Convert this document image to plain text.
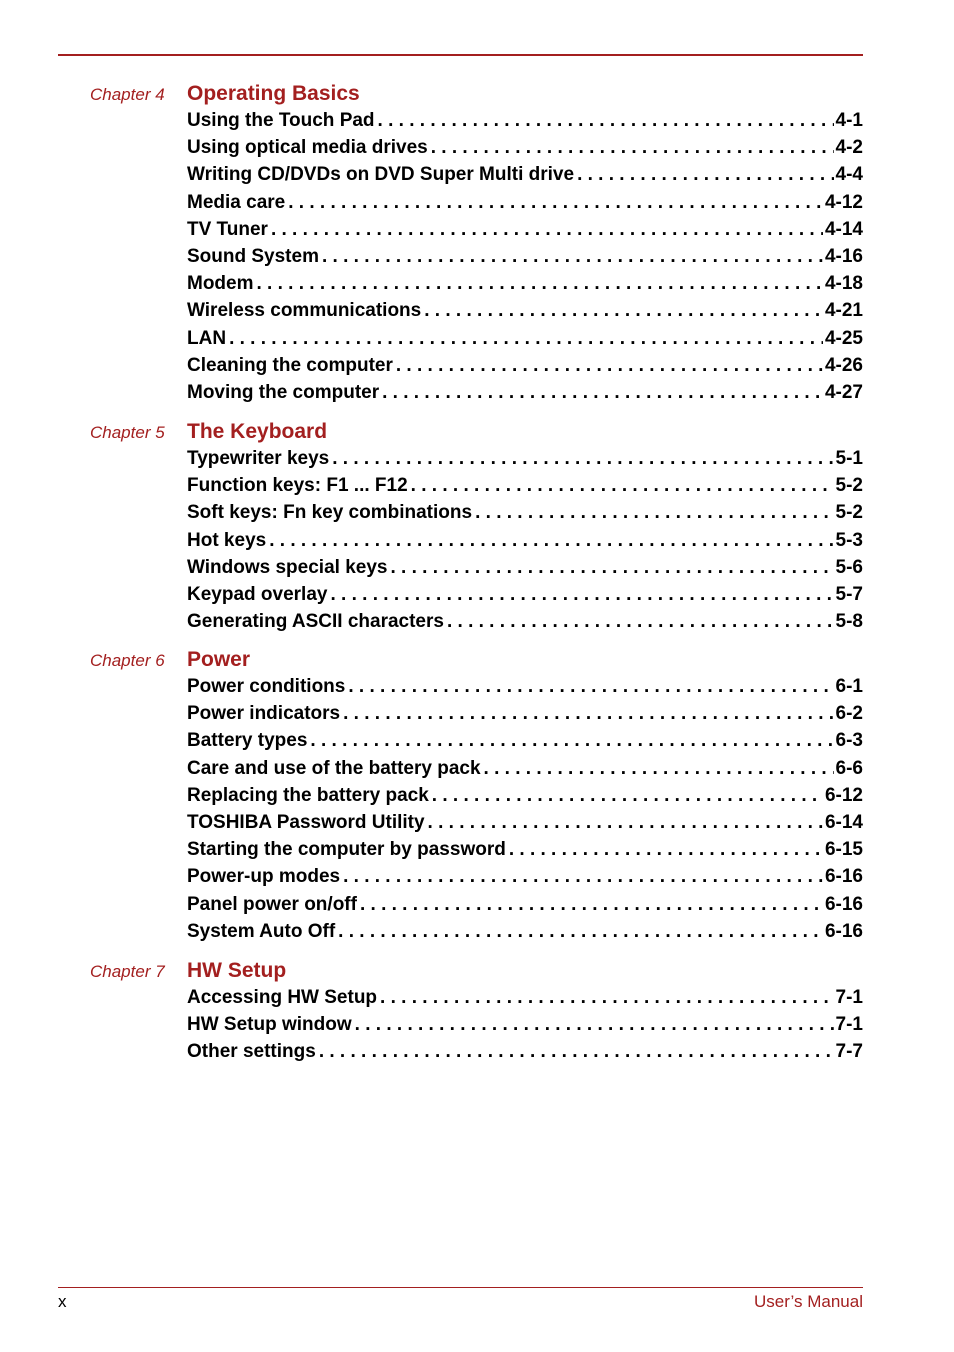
Chapter 4 Operating Basics
Using the Touch Pad . . .	4-1
Using optical media drives . . .	4-2
Writing CD/DVDs on DVD Super Multi drive . . .	4-4
Media care . . .	4-12
TV Tuner . . .	4-14
Sound System . . .	4-16
Modem . . .	4-18
Wireless communications . . .	4-21
LAN . . .	4-25
Cleaning the computer . . .	4-26
Moving the computer . . .	4-27
Chapter 5 The Keyboard
Typewriter keys . . .	5-1
Function keys: F1 ... F12 . . .	5-2
Soft keys: Fn key combinations . . .	5-2
Hot keys . . .	5-3
Windows special keys . . .	5-6
Keypad overlay . . .	5-7
Generating ASCII characters . . .	5-8
Chapter 6 Power
Power conditions . . .	6-1
Power indicators . . .	6-2
Battery types . . .	6-3
Care and use of the battery pack . . .	6-6
Replacing the battery pack . . .	6-12
TOSHIBA Password Utility . . .	6-14
Starting the computer by password . . .	6-15
Power-up modes . . .	6-16
Panel power on/off . . .	6-16
System Auto Off . . .	6-16
Chapter 7 HW Setup
Accessing HW Setup . . .	7-1
HW Setup window . . .	7-1
Other settings . . .	7-7
x	User’s Manual
